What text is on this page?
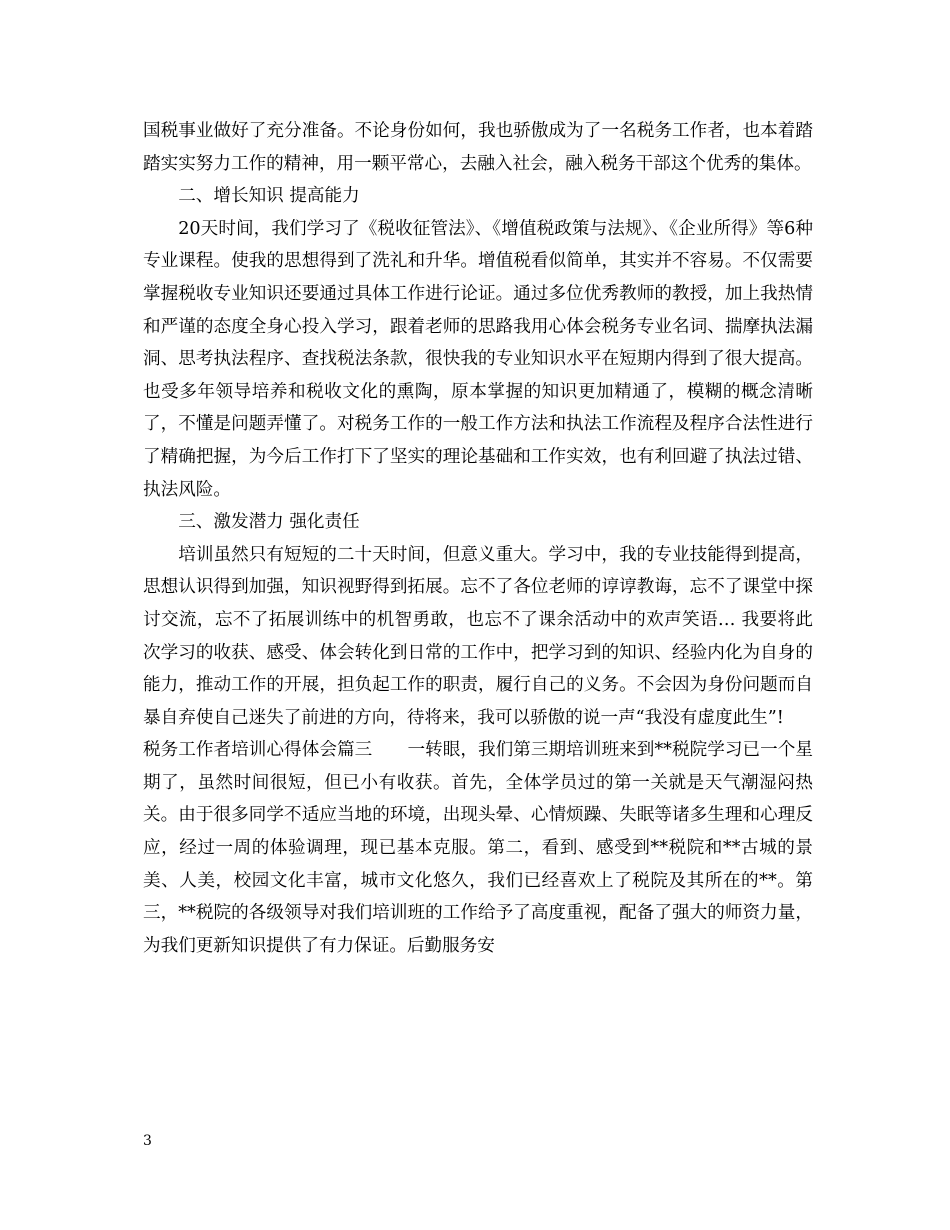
国税事业做好了充分准备。不论身份如何，我也骄傲成为了一名税务工作者，也本着踏踏实实努力工作的精神，用一颗平常心，去融入社会，融入税务干部这个优秀的集体。

二、增长知识 提高能力

20天时间，我们学习了《税收征管法》、《增值税政策与法规》、《企业所得》等6种专业课程。使我的思想得到了洗礼和升华。增值税看似简单，其实并不容易。不仅需要掌握税收专业知识还要通过具体工作进行论证。通过多位优秀教师的教授，加上我热情和严谨的态度全身心投入学习，跟着老师的思路我用心体会税务专业名词、揣摩执法漏洞、思考执法程序、查找税法条款，很快我的专业知识水平在短期内得到了很大提高。也受多年领导培养和税收文化的熏陶，原本掌握的知识更加精通了，模糊的概念清晰了，不懂是问题弄懂了。对税务工作的一般工作方法和执法工作流程及程序合法性进行了精确把握，为今后工作打下了坚实的理论基础和工作实效，也有利回避了执法过错、执法风险。

三、激发潜力 强化责任

培训虽然只有短短的二十天时间，但意义重大。学习中，我的专业技能得到提高，思想认识得到加强，知识视野得到拓展。忘不了各位老师的谆谆教诲，忘不了课堂中探讨交流，忘不了拓展训练中的机智勇敢，也忘不了课余活动中的欢声笑语… 我要将此次学习的收获、感受、体会转化到日常的工作中，把学习到的知识、经验内化为自身的能力，推动工作的开展，担负起工作的职责，履行自己的义务。不会因为身份问题而自暴自弃使自己迷失了前进的方向，待将来，我可以骄傲的说一声“我没有虚度此生”!

税务工作者培训心得体会篇三　　一转眼，我们第三期培训班来到**税院学习已一个星期了，虽然时间很短，但已小有收获。首先，全体学员过的第一关就是天气潮湿闷热关。由于很多同学不适应当地的环境，出现头晕、心情烦躁、失眠等诸多生理和心理反应，经过一周的体验调理，现已基本克服。第二，看到、感受到**税院和**古城的景美、人美，校园文化丰富，城市文化悠久，我们已经喜欢上了税院及其所在的**。第三，**税院的各级领导对我们培训班的工作给予了高度重视，配备了强大的师资力量，为我们更新知识提供了有力保证。后勤服务安

3
